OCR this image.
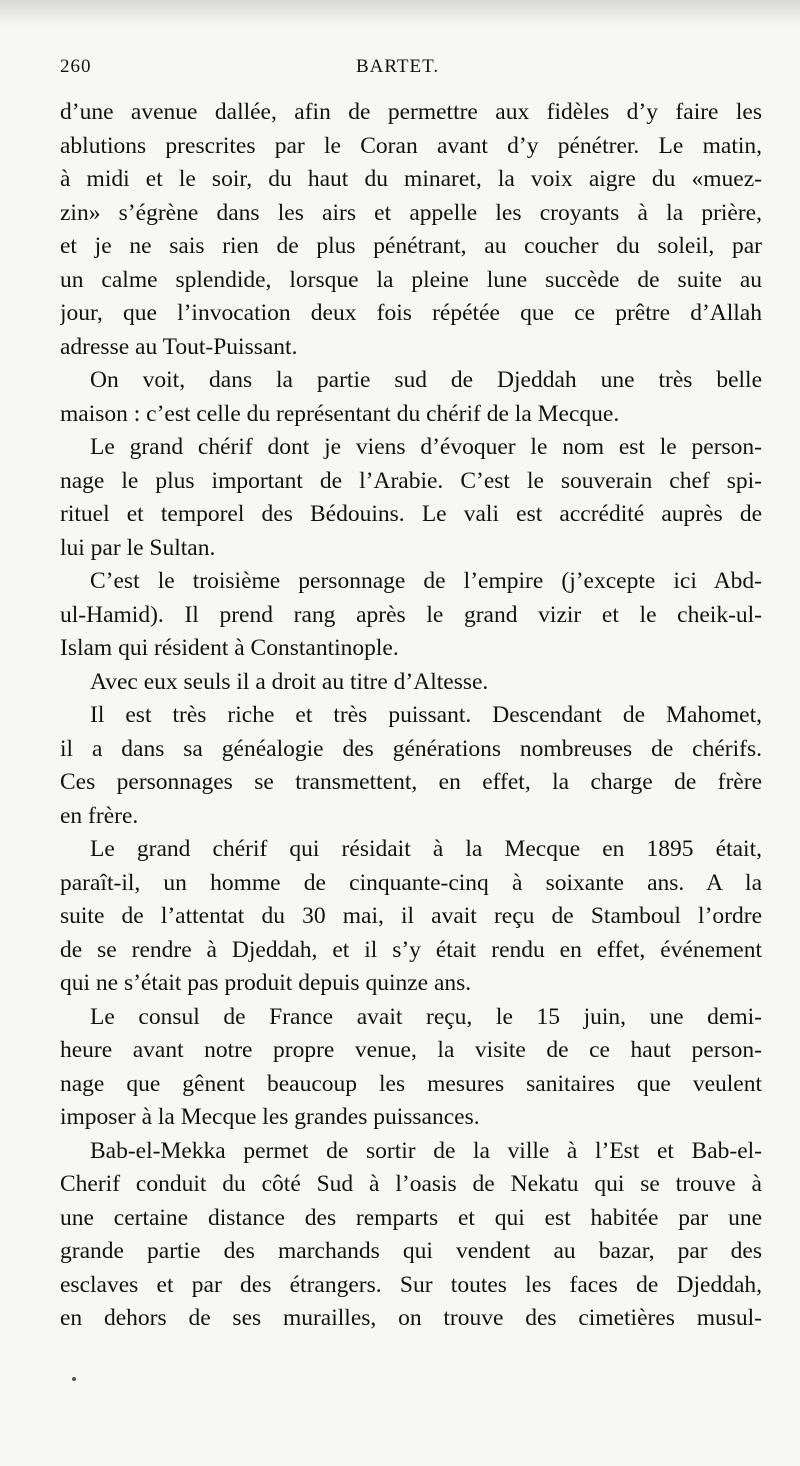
260	BARTET.
d’une avenue dallée, afin de permettre aux fidèles d’y faire les
ablutions prescrites par le Coran avant d’y pénétrer. Le matin,
à midi et le soir, du haut du minaret, la voix aigre du «muez-
zin» s’égrène dans les airs et appelle les croyants à la prière,
et je ne sais rien de plus pénétrant, au coucher du soleil, par
un calme splendide, lorsque la pleine lune succède de suite au
jour, que l’invocation deux fois répétée que ce prêtre d’Allah
adresse au Tout-Puissant.
On voit, dans la partie sud de Djeddah une très belle
maison : c’est celle du représentant du chérif de la Mecque.
Le grand chérif dont je viens d’évoquer le nom est le person-
nage le plus important de l’Arabie. C’est le souverain chef spi-
rituel et temporel des Bédouins. Le vali est accrédité auprès de
lui par le Sultan.
C’est le troisième personnage de l’empire (j’excepte ici Abd-
ul-Hamid). Il prend rang après le grand vizir et le cheik-ul-
Islam qui résident à Constantinople.
Avec eux seuls il a droit au titre d’Altesse.
Il est très riche et très puissant. Descendant de Mahomet,
il a dans sa généalogie des générations nombreuses de chérifs.
Ces personnages se transmettent, en effet, la charge de frère
en frère.
Le grand chérif qui résidait à la Mecque en 1895 était,
paraît-il, un homme de cinquante-cinq à soixante ans. A la
suite de l’attentat du 30 mai, il avait reçu de Stamboul l’ordre
de se rendre à Djeddah, et il s’y était rendu en effet, événement
qui ne s’était pas produit depuis quinze ans.
Le consul de France avait reçu, le 15 juin, une demi-
heure avant notre propre venue, la visite de ce haut person-
nage que gênent beaucoup les mesures sanitaires que veulent
imposer à la Mecque les grandes puissances.
Bab-el-Mekka permet de sortir de la ville à l’Est et Bab-el-
Cherif conduit du côté Sud à l’oasis de Nekatu qui se trouve à
une certaine distance des remparts et qui est habitée par une
grande partie des marchands qui vendent au bazar, par des
esclaves et par des étrangers. Sur toutes les faces de Djeddah,
en dehors de ses murailles, on trouve des cimetières musul-
